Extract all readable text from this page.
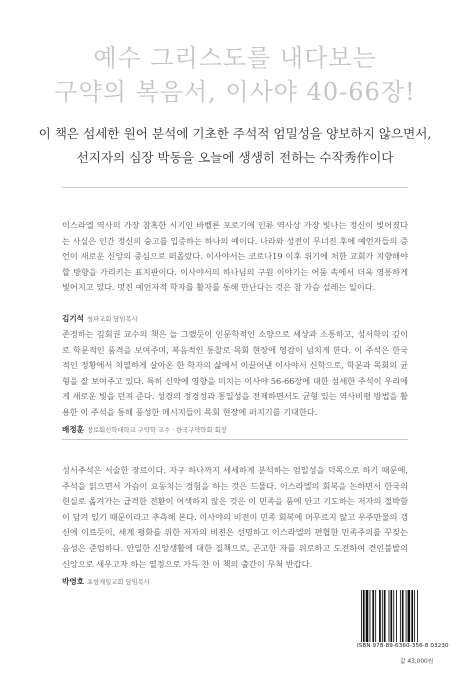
예수 그리스도를 내다보는
구약의 복음서, 이사야 40-66장!
이 책은 섬세한 원어 분석에 기초한 주석적 엄밀성을 양보하지 않으면서,
선지자의 심장 박동을 오늘에 생생히 전하는 수작秀作이다

이스라엘 역사의 가장 참혹한 시기인 바벨론 포로기에 인류 역사상 가장 빛나는 정신이 빚어졌다는 사실은 인간 정신의 숭고를 입증하는 하나의 예이다. 나라와 성전이 무너진 후에 예언자들의 증언이 새로운 신앙의 중심으로 떠올랐다. 이사야서는 코로나19 이후 위기에 처한 교회가 지향해야 할 방향을 가리키는 표지판이다. 이사야서의 하나님의 구원 이야기는 어둠 속에서 더욱 영롱하게 빛어지고 있다. 멋진 예언자적 학자를 활자를 통해 만난다는 것은 참 가슴 설레는 일이다.

김기석 청파교회 담임목사

존경하는 김회권 교수의 책은 늘 그랬듯이 인문학적인 소양으로 세상과 소통하고, 성서학의 깊이로 학문적인 품격을 보여주며, 복음적인 통찰로 목회 현장에 영감이 넘치게 한다. 이 주석은 한국적인 정황에서 치열하게 살아온 한 학자의 삶에서 이끌어낸 이사야서 신학으로, 학문과 목회의 균형을 잘 보여주고 있다. 특히 신약에 영향을 미치는 이사야 56-66장에 대한 섬세한 주석이 우리에게 새로운 빛을 던져 준다. 성경의 정경성과 통일성을 전제하면서도 균형 있는 역사비평 방법을 활용한 이 주석을 통해 풍성한 메시지들이 목회 현장에 퍼지기를 기대한다.

배정훈 장로회신학대학교 구약학 교수 · 한국구약학회 회장

성서주석은 서술한 장르이다. 자구 하나까지 세세하게 분석하는 엄밀성을 덕목으로 하기 때문에, 주석을 읽으면서 가슴이 요동치는 경험을 하는 것은 드물다. 이스라엘의 회복을 논하면서 한국의 현실로 옮겨가는 급격한 전환이 어색하지 않은 것은 이 민족을 품에 안고 기도하는 저자의 절박함이 담겨 있기 때문이라고 추측해 본다. 이사야의 비전이 민족 회복에 머무르지 않고 우주만물의 갱신에 이르듯이, 세계 평화를 위한 저자의 비전은 선명하고 이스라엘의 편협한 민족주의를 꾸짖는 음성은 준엄하다. 안일한 신앙생활에 대한 질책으로, 곤고한 자를 위로하고 도전하여 견인불발의 신앙으로 세우고자 하는 열정으로 가득 찬 이 책의 출간이 무척 반갑다.

박영호 포항제일교회 담임목사
ISBN 978-89-6360-356-8 03230
값 43,000원
